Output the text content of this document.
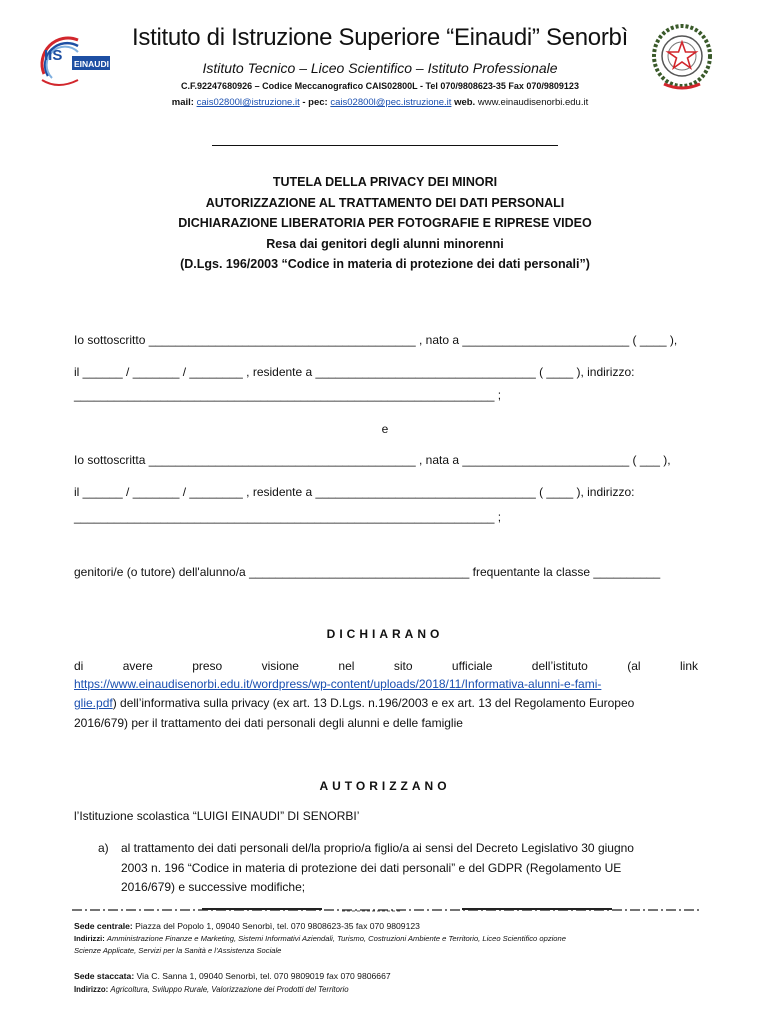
IIS EINAUDI
Istituto di Istruzione Superiore “Einaudi” Senorbì
Istituto Tecnico – Liceo Scientifico – Istituto Professionale
C.F.92247680926 – Codice Meccanografico CAIS02800L - Tel 070/9808623-35 Fax 070/9809123
mail: cais02800l@istruzione.it - pec: cais02800l@pec.istruzione.it web. www.einaudisenorbi.edu.it
TUTELA DELLA PRIVACY DEI MINORI
AUTORIZZAZIONE AL TRATTAMENTO DEI DATI PERSONALI
DICHIARAZIONE LIBERATORIA PER FOTOGRAFIE E RIPRESE VIDEO
Resa dai genitori degli alunni minorenni
(D.Lgs. 196/2003 “Codice in materia di protezione dei dati personali”)
Io sottoscritto ________________________________________ , nato a _________________________ ( ____ ),
il ______ / _______ / ________ , residente a _________________________________ ( ____ ), indirizzo:
_______________________________________________________________ ;
e
Io sottoscritta ________________________________________ , nata a _________________________ ( ___ ),
il ______ / _______ / ________ , residente a _________________________________ ( ____ ), indirizzo:
_______________________________________________________________ ;
genitori/e (o tutore) dell'alunno/a _________________________________ frequentante la classe __________
DICHIARANO
di	avere	preso	visione	nel	sito	ufficiale	dell’istituto	(al	link
https://www.einaudisenorbi.edu.it/wordpress/wp-content/uploads/2018/11/Informativa-alunni-e-fami-
glie.pdf) dell’informativa sulla privacy (ex art. 13 D.Lgs. n.196/2003 e ex art. 13 del Regolamento Europeo
2016/679) per il trattamento dei dati personali degli alunni e delle famiglie
AUTORIZZANO
l’Istituzione scolastica “LUIGI EINAUDI” DI SENORBI’
a) al trattamento dei dati personali del/la proprio/a figlio/a ai sensi del Decreto Legislativo 30 giugno
2003 n. 196 “Codice in materia di protezione dei dati personali” e del GDPR (Regolamento UE
2016/679) e successive modifiche;
Sede centrale: Piazza del Popolo 1, 09040 Senorbì, tel. 070 9808623-35 fax 070 9809123
Indirizzi: Amministrazione Finanze e Marketing, Sistemi Informativi Aziendali, Turismo, Costruzioni Ambiente e Territorio, Liceo Scientifico opzione
Scienze Applicate, Servizi per la Sanità e l’Assistenza Sociale
Sede staccata: Via C. Sanna 1, 09040 Senorbì, tel. 070 9809019 fax 070 9806667
Indirizzo: Agricoltura, Sviluppo Rurale, Valorizzazione dei Prodotti del Territorio
